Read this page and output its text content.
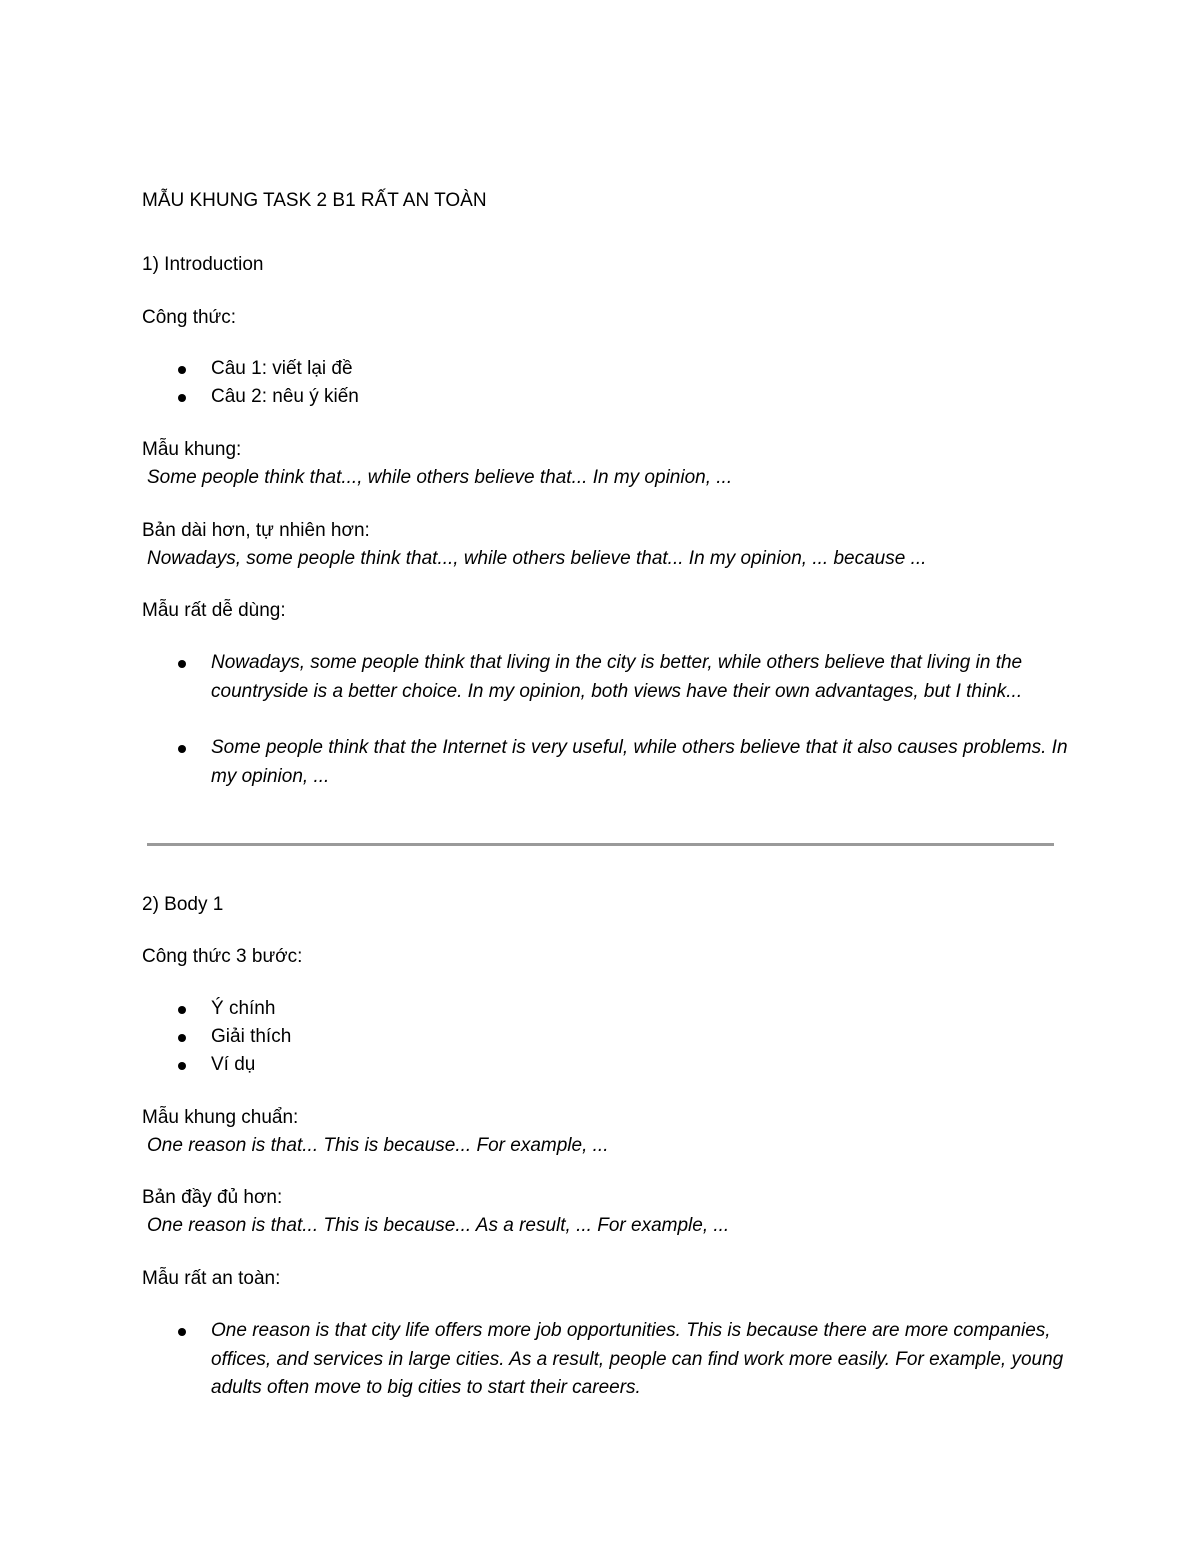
MẪU KHUNG TASK 2 B1 RẤT AN TOÀN
1) Introduction
Công thức:
Câu 1: viết lại đề
Câu 2: nêu ý kiến
Mẫu khung:
Some people think that..., while others believe that... In my opinion, ...
Bản dài hơn, tự nhiên hơn:
Nowadays, some people think that..., while others believe that... In my opinion, ... because ...
Mẫu rất dễ dùng:
Nowadays, some people think that living in the city is better, while others believe that living in the countryside is a better choice. In my opinion, both views have their own advantages, but I think...
Some people think that the Internet is very useful, while others believe that it also causes problems. In my opinion, ...
2) Body 1
Công thức 3 bước:
Ý chính
Giải thích
Ví dụ
Mẫu khung chuẩn:
One reason is that... This is because... For example, ...
Bản đầy đủ hơn:
One reason is that... This is because... As a result, ... For example, ...
Mẫu rất an toàn:
One reason is that city life offers more job opportunities. This is because there are more companies, offices, and services in large cities. As a result, people can find work more easily. For example, young adults often move to big cities to start their careers.
